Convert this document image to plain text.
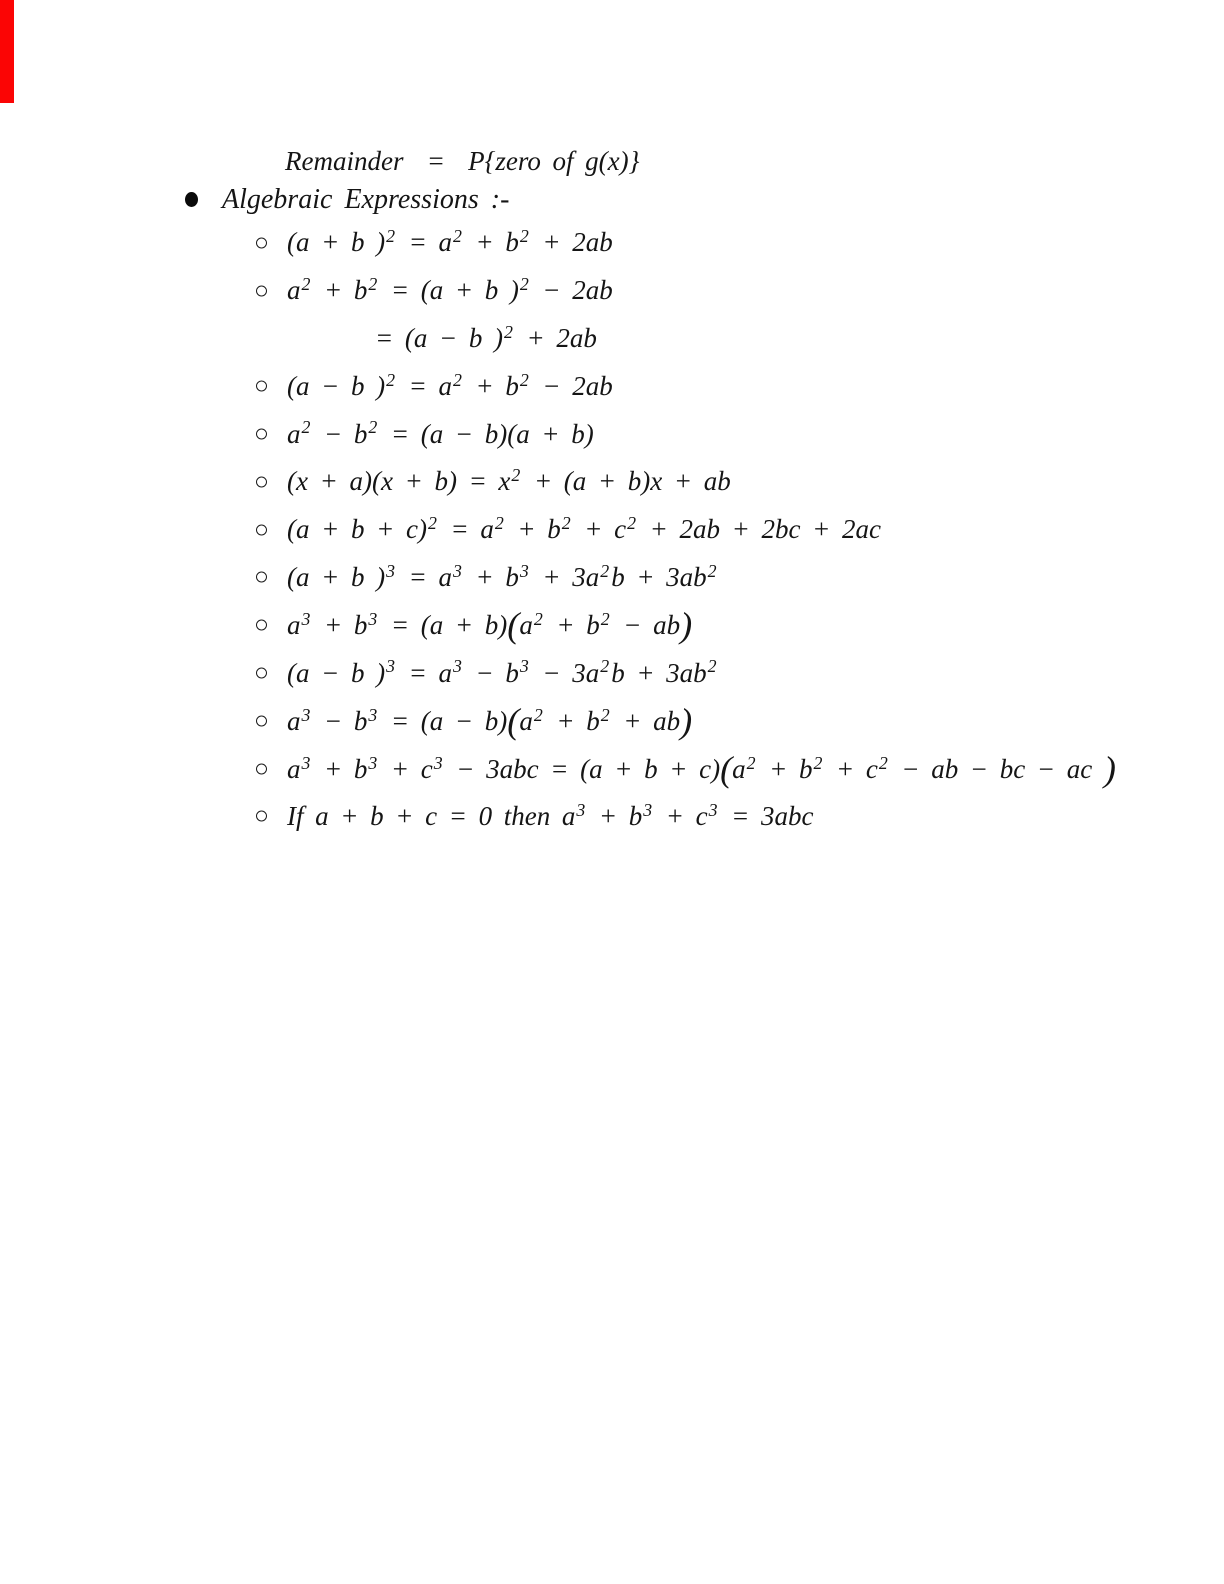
Remainder  =  P{zero of g(x)}
Algebraic Expressions :-
(a + b )$^2 = a^2 + b^2 + 2ab$
$a^2 + b^2 = (a + b$ )$^2$ − 2ab
= (a − b )$^2$ + 2ab
(a − b )$^2 = a^2 + b^2 - 2ab$
$a^2 - b^2 = (a - b)(a + b)$
$(x + a)(x + b) = x^2 + (a + b)x$ + ab
$(a + b + c)^2 = a^2 + b^2 + c^2 + 2ab + 2bc + 2ac$
(a + b )$^3 = a^3 + b^3 + 3a^2b + 3ab^2$
$a^3 + b^3 = (a + b)(a^2 + b^2 - ab)$
(a − b )$^3 = a^3 - b^3 - 3a^2b + 3ab^2$
$a^3 - b^3 = (a - b)(a^2 + b^2 + ab)$
$a^3 + b^3 + c^3 - 3abc = (a + b + c)(a^2 + b^2 + c^2$ − ab − bc − ac )
If a + b + c = 0 then $a^3 + b^3 + c^3 = 3abc$
